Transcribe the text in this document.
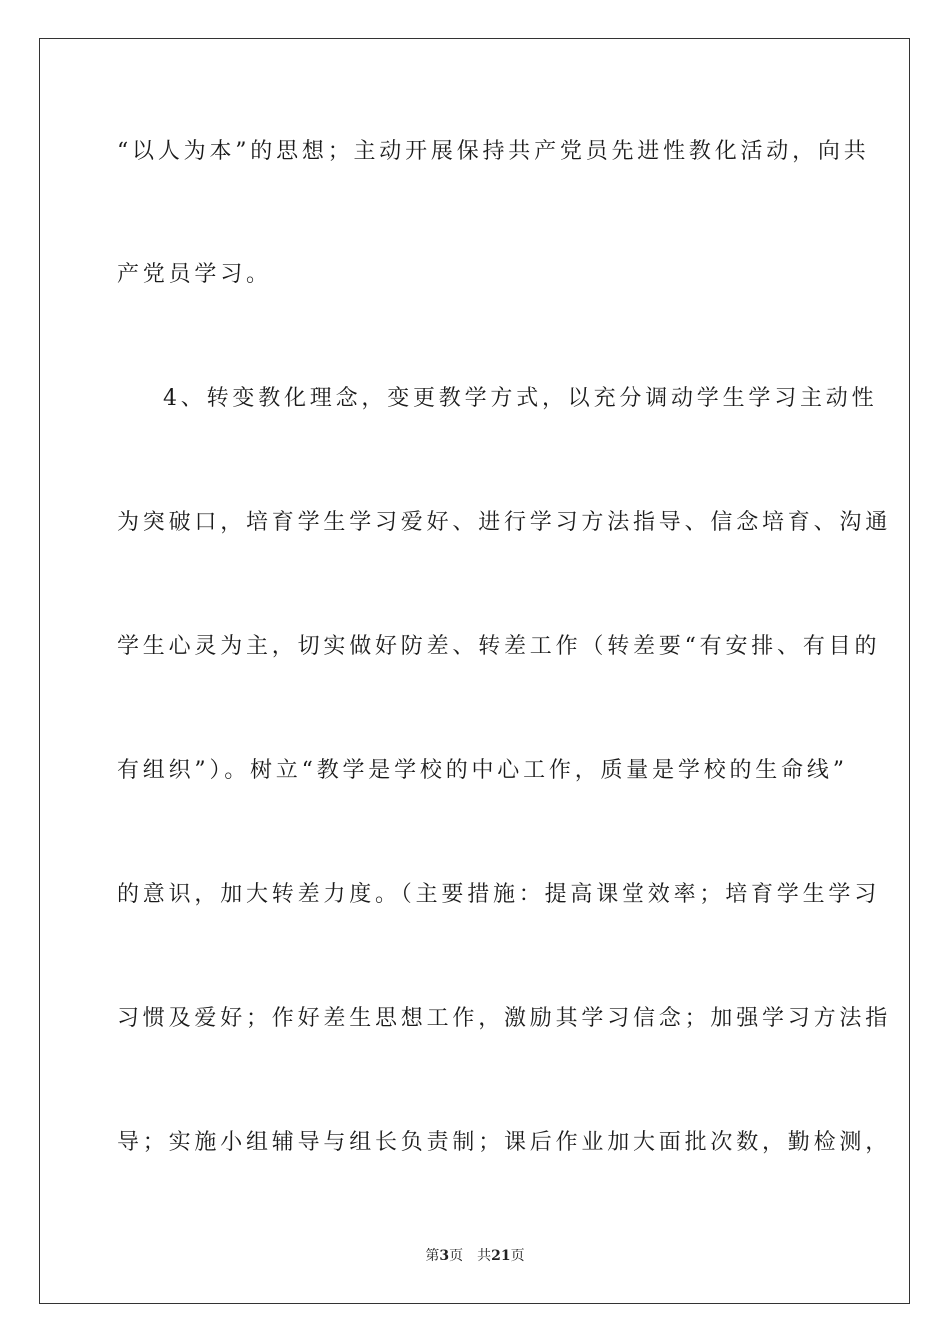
“以人为本”的思想；主动开展保持共产党员先进性教化活动，向共
产党员学习。
4、转变教化理念，变更教学方式，以充分调动学生学习主动性
为突破口，培育学生学习爱好、进行学习方法指导、信念培育、沟通
学生心灵为主，切实做好防差、转差工作（转差要“有安排、有目的
有组织”）。树立“教学是学校的中心工作，质量是学校的生命线”
的意识，加大转差力度。（主要措施：提高课堂效率；培育学生学习
习惯及爱好；作好差生思想工作，激励其学习信念；加强学习方法指
导；实施小组辅导与组长负责制；课后作业加大面批次数，勤检测，
第3页 共21页
